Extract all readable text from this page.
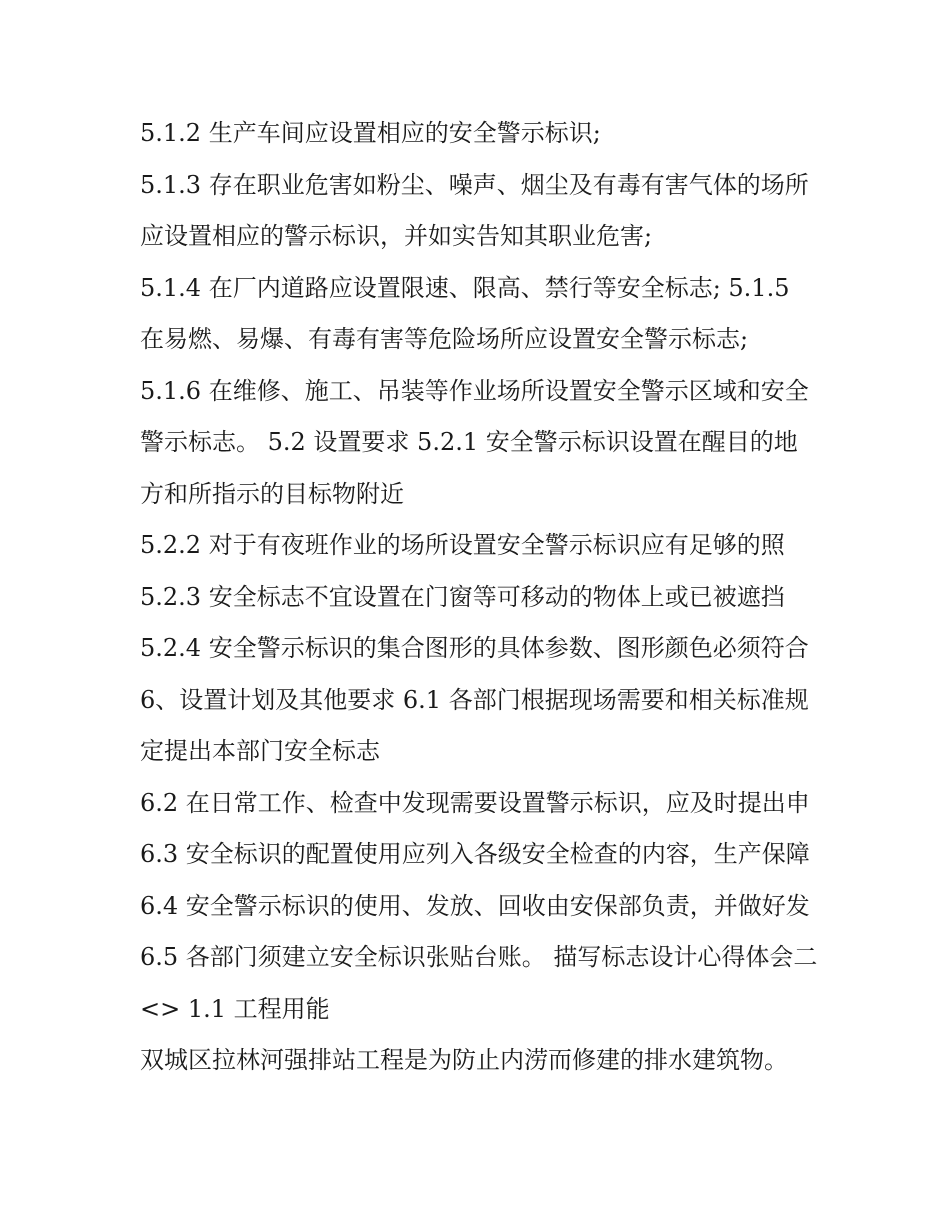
5.1.2 生产车间应设置相应的安全警示标识;

5.1.3 存在职业危害如粉尘、噪声、烟尘及有毒有害气体的场所应设置相应的警示标识，并如实告知其职业危害;

5.1.4 在厂内道路应设置限速、限高、禁行等安全标志; 5.1.5 在易燃、易爆、有毒有害等危险场所应设置安全警示标志;

5.1.6 在维修、施工、吊装等作业场所设置安全警示区域和安全警示标志。 5.2 设置要求 5.2.1 安全警示标识设置在醒目的地方和所指示的目标物附近

5.2.2 对于有夜班作业的场所设置安全警示标识应有足够的照

5.2.3 安全标志不宜设置在门窗等可移动的物体上或已被遮挡

5.2.4 安全警示标识的集合图形的具体参数、图形颜色必须符合 6、设置计划及其他要求 6.1 各部门根据现场需要和相关标准规定提出本部门安全标志

6.2 在日常工作、检查中发现需要设置警示标识，应及时提出申 6.3 安全标识的配置使用应列入各级安全检查的内容，生产保障

6.4 安全警示标识的使用、发放、回收由安保部负责，并做好发 6.5 各部门须建立安全标识张贴台账。 描写标志设计心得体会二 <> 1.1 工程用能

双城区拉林河强排站工程是为防止内涝而修建的排水建筑物。
